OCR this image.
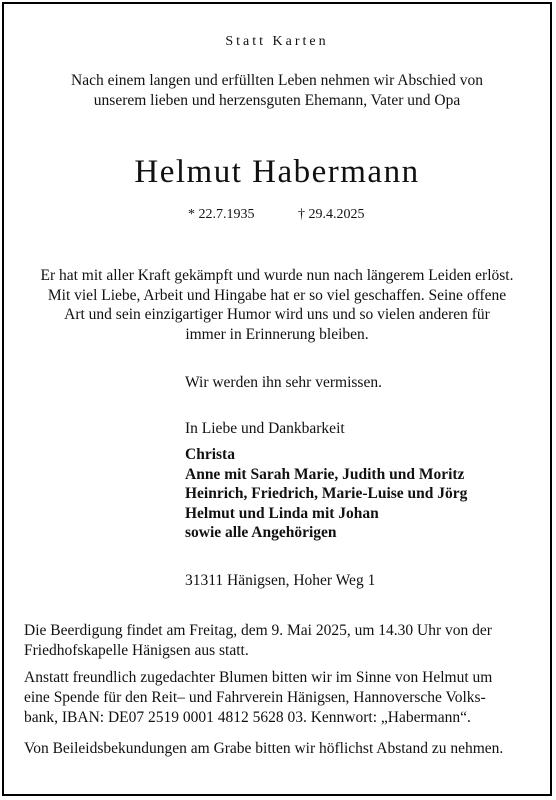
Statt Karten
Nach einem langen und erfüllten Leben nehmen wir Abschied von
unserem lieben und herzensguten Ehemann, Vater und Opa
Helmut Habermann
* 22.7.1935	† 29.4.2025
Er hat mit aller Kraft gekämpft und wurde nun nach längerem Leiden erlöst.
Mit viel Liebe, Arbeit und Hingabe hat er so viel geschaffen. Seine offene
Art und sein einzigartiger Humor wird uns und so vielen anderen für
immer in Erinnerung bleiben.
Wir werden ihn sehr vermissen.
In Liebe und Dankbarkeit
Christa
Anne mit Sarah Marie, Judith und Moritz
Heinrich, Friedrich, Marie-Luise und Jörg
Helmut und Linda mit Johan
sowie alle Angehörigen
31311 Hänigsen, Hoher Weg 1
Die Beerdigung findet am Freitag, dem 9. Mai 2025, um 14.30 Uhr von der
Friedhofskapelle Hänigsen aus statt.
Anstatt freundlich zugedachter Blumen bitten wir im Sinne von Helmut um
eine Spende für den Reit– und Fahrverein Hänigsen, Hannoversche Volks-
bank, IBAN: DE07 2519 0001 4812 5628 03. Kennwort: „Habermann“.
Von Beileidsbekundungen am Grabe bitten wir höflichst Abstand zu nehmen.
